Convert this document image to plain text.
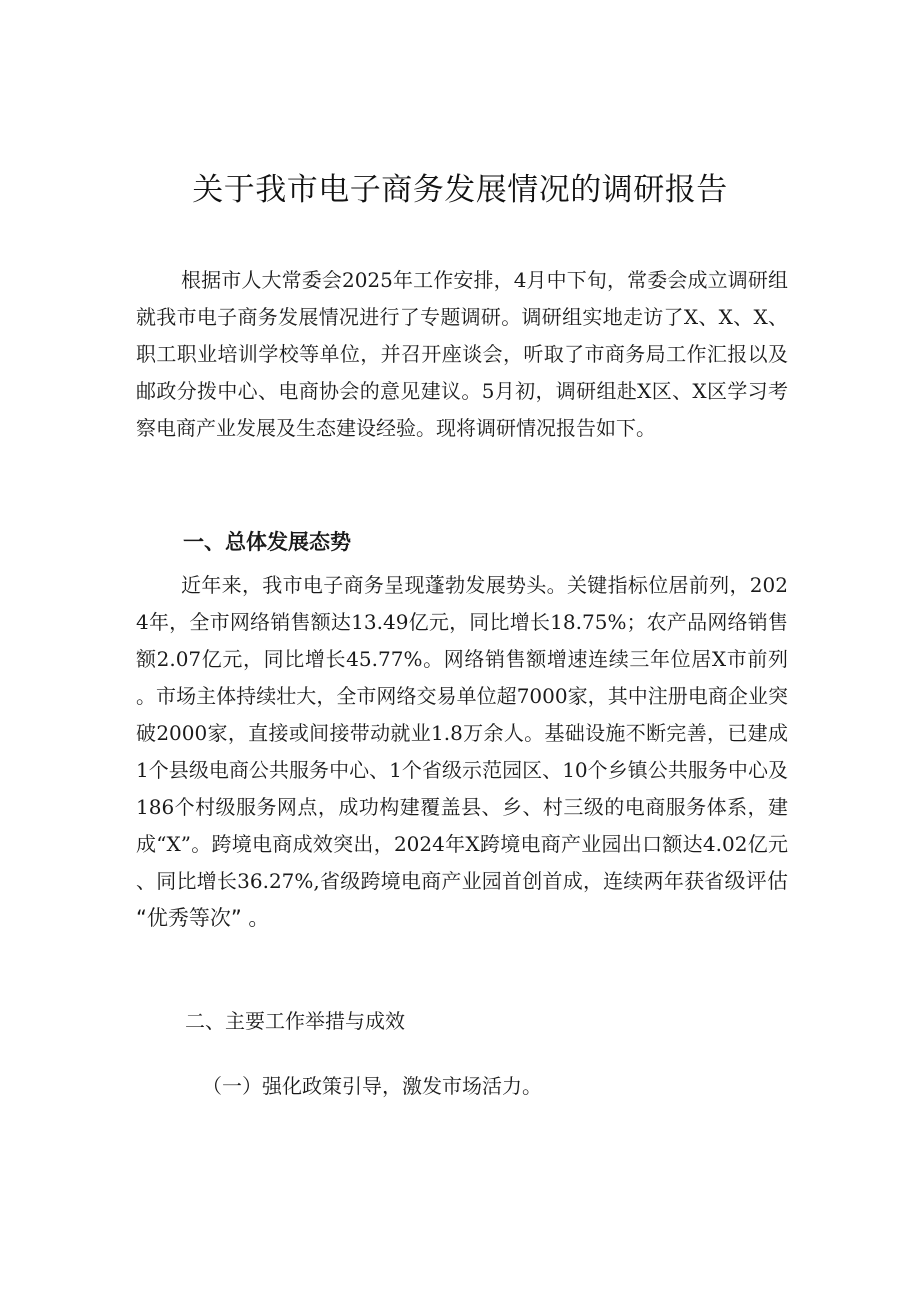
关于我市电子商务发展情况的调研报告

根据市人大常委会2025年工作安排，4月中下旬，常委会成立调研组就我市电子商务发展情况进行了专题调研。调研组实地走访了X、X、X、职工职业培训学校等单位，并召开座谈会，听取了市商务局工作汇报以及邮政分拨中心、电商协会的意见建议。5月初，调研组赴X区、X区学习考察电商产业发展及生态建设经验。现将调研情况报告如下。

一、总体发展态势

近年来，我市电子商务呈现蓬勃发展势头。关键指标位居前列，2024年，全市网络销售额达13.49亿元，同比增长18.75%；农产品网络销售额2.07亿元，同比增长45.77%。网络销售额增速连续三年位居X市前列。市场主体持续壮大，全市网络交易单位超7000家，其中注册电商企业突破2000家，直接或间接带动就业1.8万余人。基础设施不断完善，已建成1个县级电商公共服务中心、1个省级示范园区、10个乡镇公共服务中心及186个村级服务网点，成功构建覆盖县、乡、村三级的电商服务体系，建成“X”。跨境电商成效突出，2024年X跨境电商产业园出口额达4.02亿元、同比增长36.27%,省级跨境电商产业园首创首成，连续两年获省级评估 “优秀等次” 。

二、主要工作举措与成效
（一）强化政策引导，激发市场活力。
